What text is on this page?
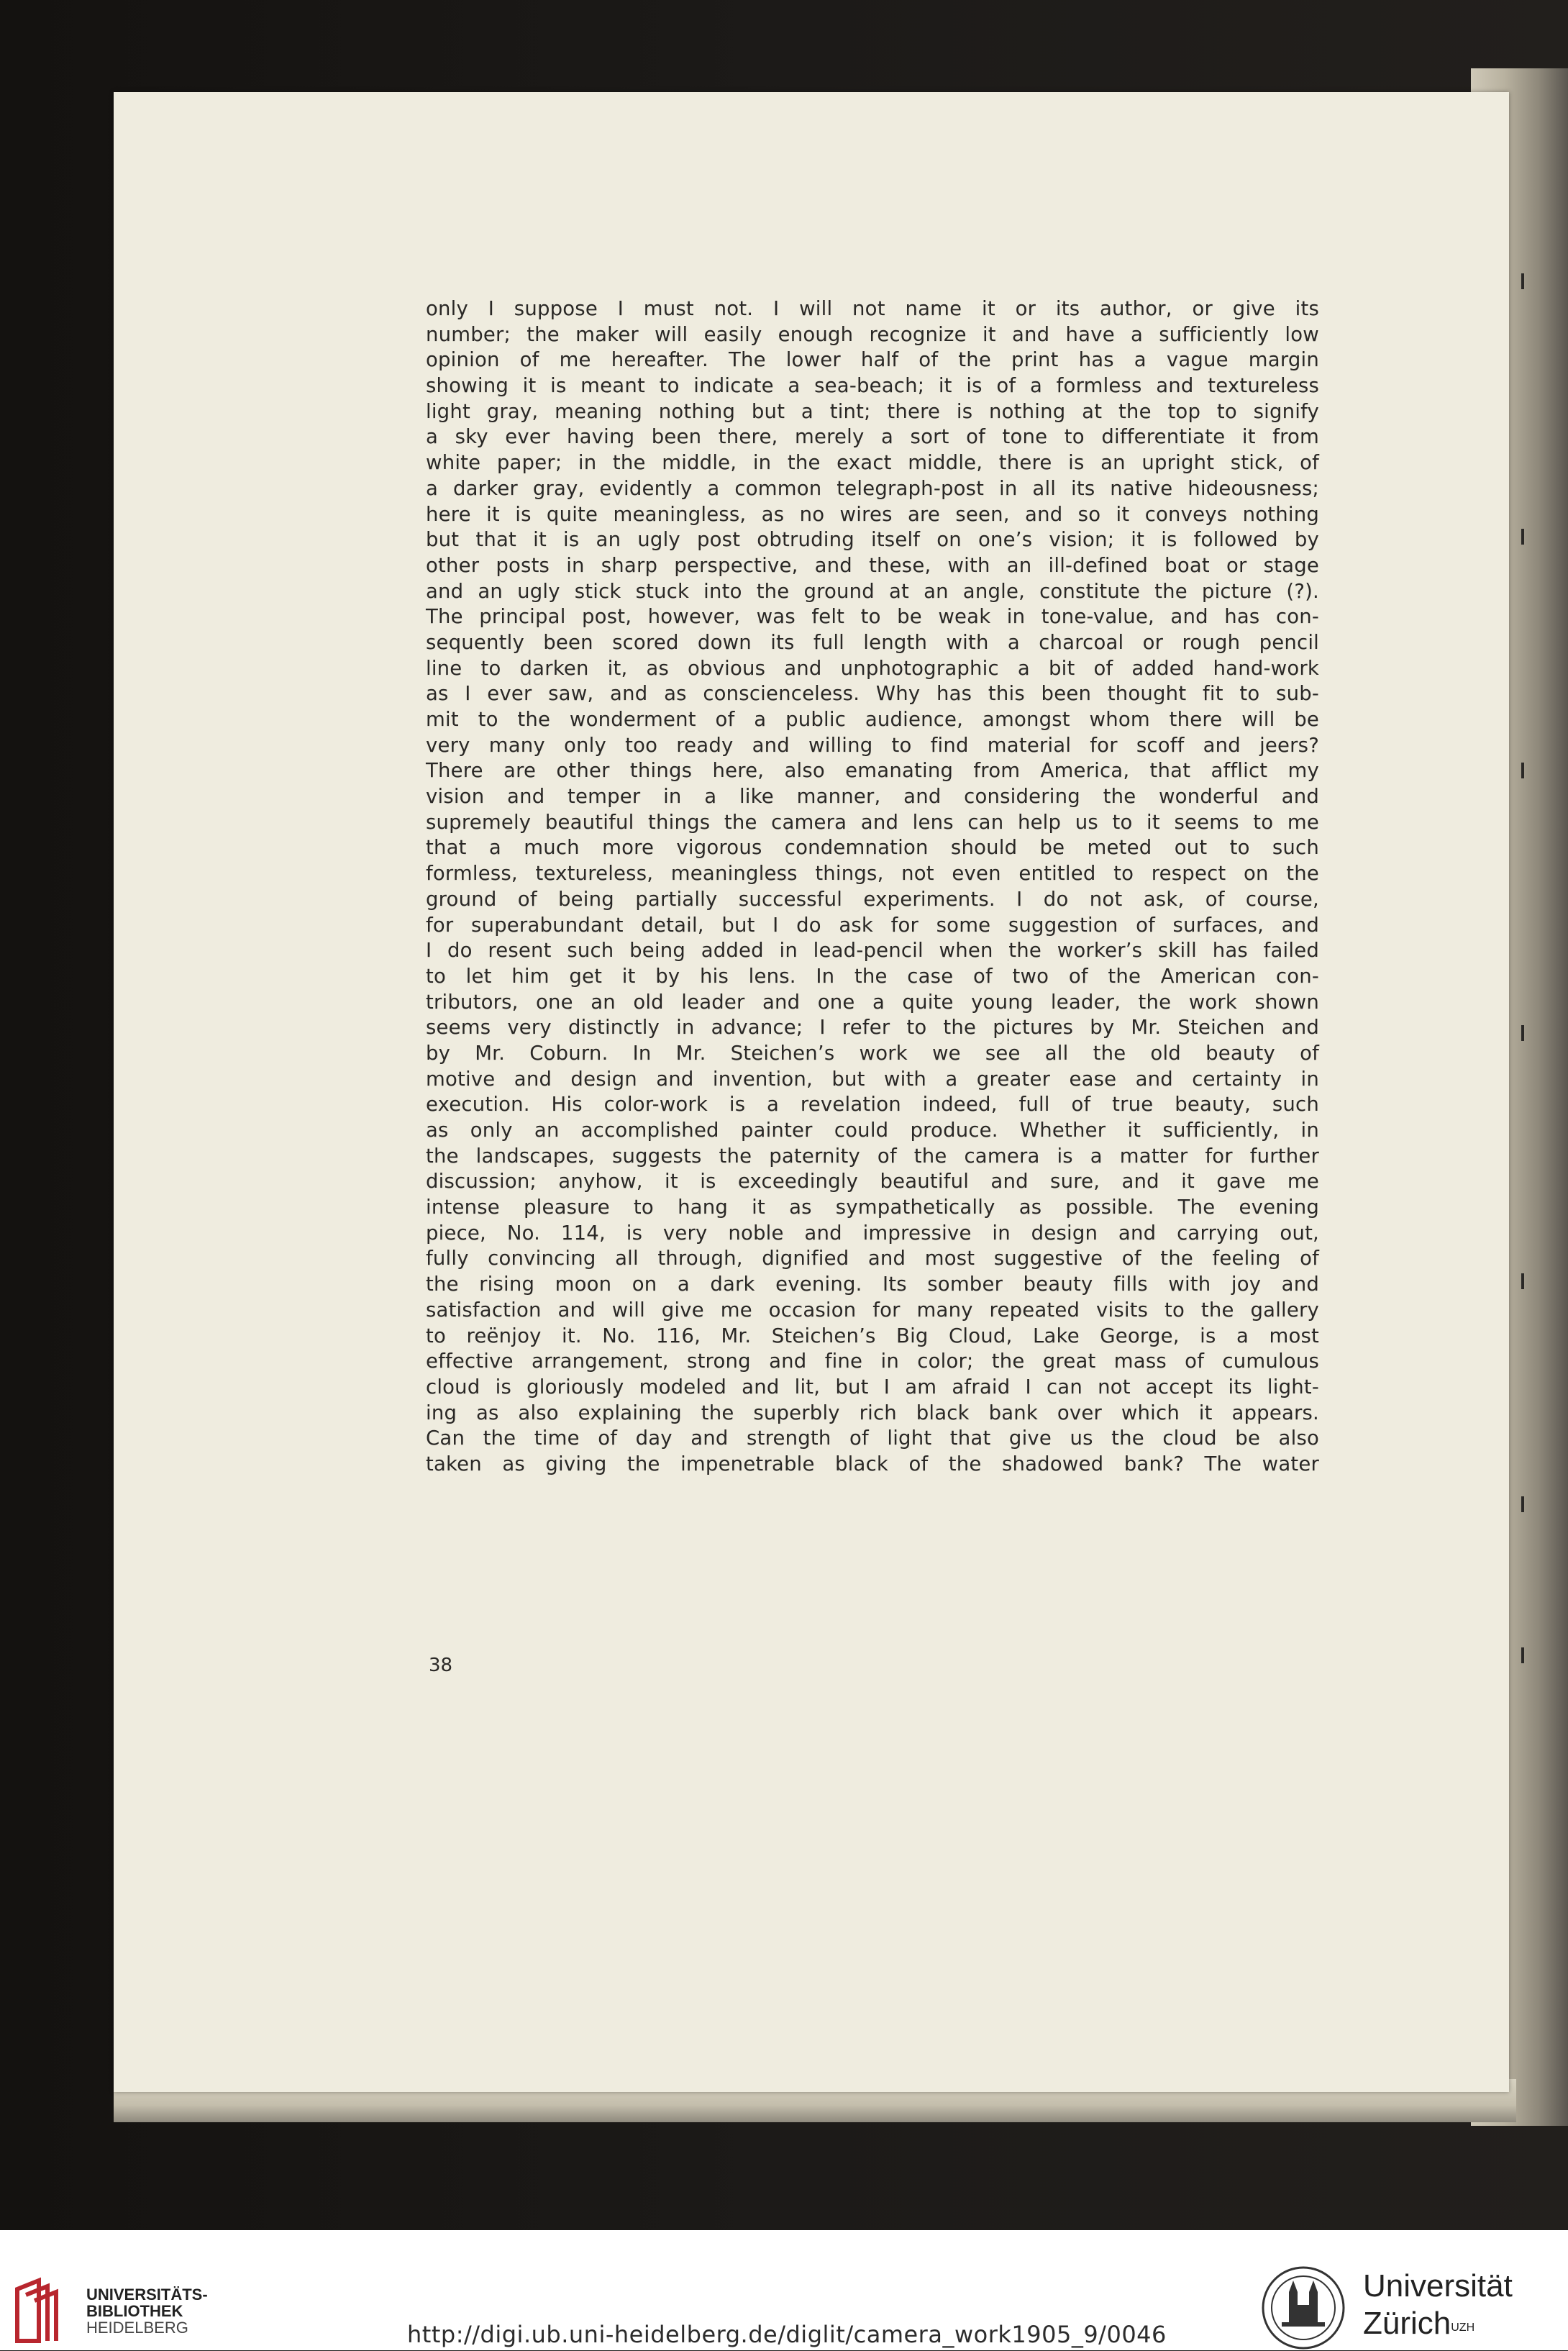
only I suppose I must not. I will not name it or its author, or give its
number; the maker will easily enough recognize it and have a sufficiently low
opinion of me hereafter. The lower half of the print has a vague margin
showing it is meant to indicate a sea-beach; it is of a formless and textureless
light gray, meaning nothing but a tint; there is nothing at the top to signify
a sky ever having been there, merely a sort of tone to differentiate it from
white paper; in the middle, in the exact middle, there is an upright stick, of
a darker gray, evidently a common telegraph-post in all its native hideousness;
here it is quite meaningless, as no wires are seen, and so it conveys nothing
but that it is an ugly post obtruding itself on one’s vision; it is followed by
other posts in sharp perspective, and these, with an ill-defined boat or stage
and an ugly stick stuck into the ground at an angle, constitute the picture (?).
The principal post, however, was felt to be weak in tone-value, and has con-
sequently been scored down its full length with a charcoal or rough pencil
line to darken it, as obvious and unphotographic a bit of added hand-work
as I ever saw, and as conscienceless. Why has this been thought fit to sub-
mit to the wonderment of a public audience, amongst whom there will be
very many only too ready and willing to find material for scoff and jeers?
There are other things here, also emanating from America, that afflict my
vision and temper in a like manner, and considering the wonderful and
supremely beautiful things the camera and lens can help us to it seems to me
that a much more vigorous condemnation should be meted out to such
formless, textureless, meaningless things, not even entitled to respect on the
ground of being partially successful experiments. I do not ask, of course,
for superabundant detail, but I do ask for some suggestion of surfaces, and
I do resent such being added in lead-pencil when the worker’s skill has failed
to let him get it by his lens. In the case of two of the American con-
tributors, one an old leader and one a quite young leader, the work shown
seems very distinctly in advance; I refer to the pictures by Mr. Steichen and
by Mr. Coburn. In Mr. Steichen’s work we see all the old beauty of
motive and design and invention, but with a greater ease and certainty in
execution. His color-work is a revelation indeed, full of true beauty, such
as only an accomplished painter could produce. Whether it sufficiently, in
the landscapes, suggests the paternity of the camera is a matter for further
discussion; anyhow, it is exceedingly beautiful and sure, and it gave me
intense pleasure to hang it as sympathetically as possible. The evening
piece, No. 114, is very noble and impressive in design and carrying out,
fully convincing all through, dignified and most suggestive of the feeling of
the rising moon on a dark evening. Its somber beauty fills with joy and
satisfaction and will give me occasion for many repeated visits to the gallery
to reënjoy it. No. 116, Mr. Steichen’s Big Cloud, Lake George, is a most
effective arrangement, strong and fine in color; the great mass of cumulous
cloud is gloriously modeled and lit, but I am afraid I can not accept its light-
ing as also explaining the superbly rich black bank over which it appears.
Can the time of day and strength of light that give us the cloud be also
taken as giving the impenetrable black of the shadowed bank? The water
38
UNIVERSITÄTS-
BIBLIOTHEK
HEIDELBERG	http://digi.ub.uni-heidelberg.de/diglit/camera_work1905_9/0046
Universität
Zürich$^{UZH}$
